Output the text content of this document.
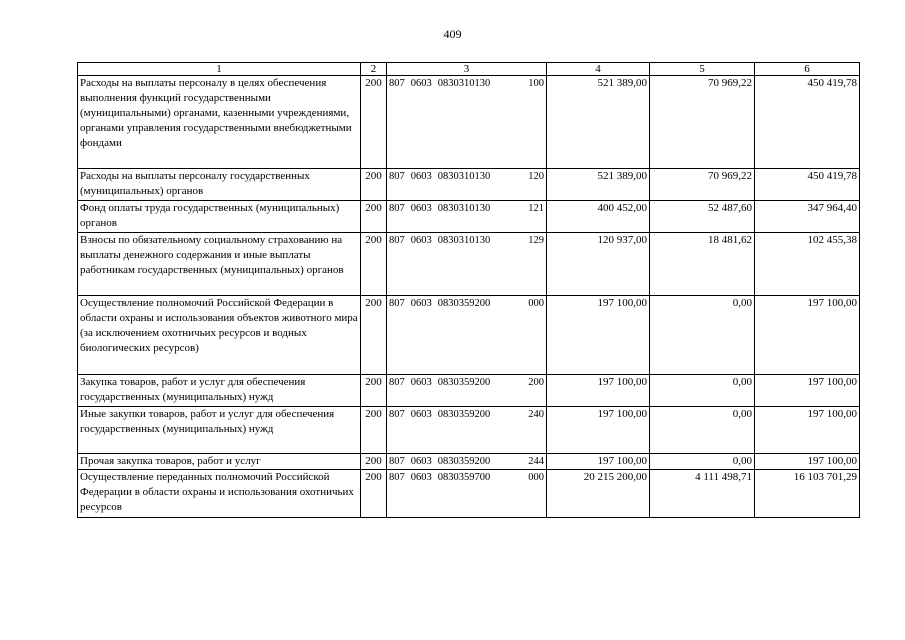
409
1	2	3	4	5	6

Расходы на выплаты персоналу в целях обеспечения выполнения функций государственными (муниципальными) органами, казенными учреждениями, органами управления государственными внебюджетными фондами	200	807 0603 0830310130 100	521 389,00	70 969,22	450 419,78

Расходы на выплаты персоналу государственных (муниципальных) органов	200	807 0603 0830310130 120	521 389,00	70 969,22	450 419,78

Фонд оплаты труда государственных (муниципальных) органов	200	807 0603 0830310130 121	400 452,00	52 487,60	347 964,40

Взносы по обязательному социальному страхованию на выплаты денежного содержания и иные выплаты работникам государственных (муниципальных) органов	200	807 0603 0830310130 129	120 937,00	18 481,62	102 455,38

Осуществление полномочий Российской Федерации в области охраны и использования объектов животного мира (за исключением охотничьих ресурсов и водных биологических ресурсов)	200	807 0603 0830359200 000	197 100,00	0,00	197 100,00

Закупка товаров, работ и услуг для обеспечения государственных (муниципальных) нужд	200	807 0603 0830359200 200	197 100,00	0,00	197 100,00

Иные закупки товаров, работ и услуг для обеспечения государственных (муниципальных) нужд	200	807 0603 0830359200 240	197 100,00	0,00	197 100,00

Прочая закупка товаров, работ и услуг	200	807 0603 0830359200 244	197 100,00	0,00	197 100,00

Осуществление переданных полномочий Российской Федерации в области охраны и использования охотничьих ресурсов	200	807 0603 0830359700 000	20 215 200,00	4 111 498,71	16 103 701,29
